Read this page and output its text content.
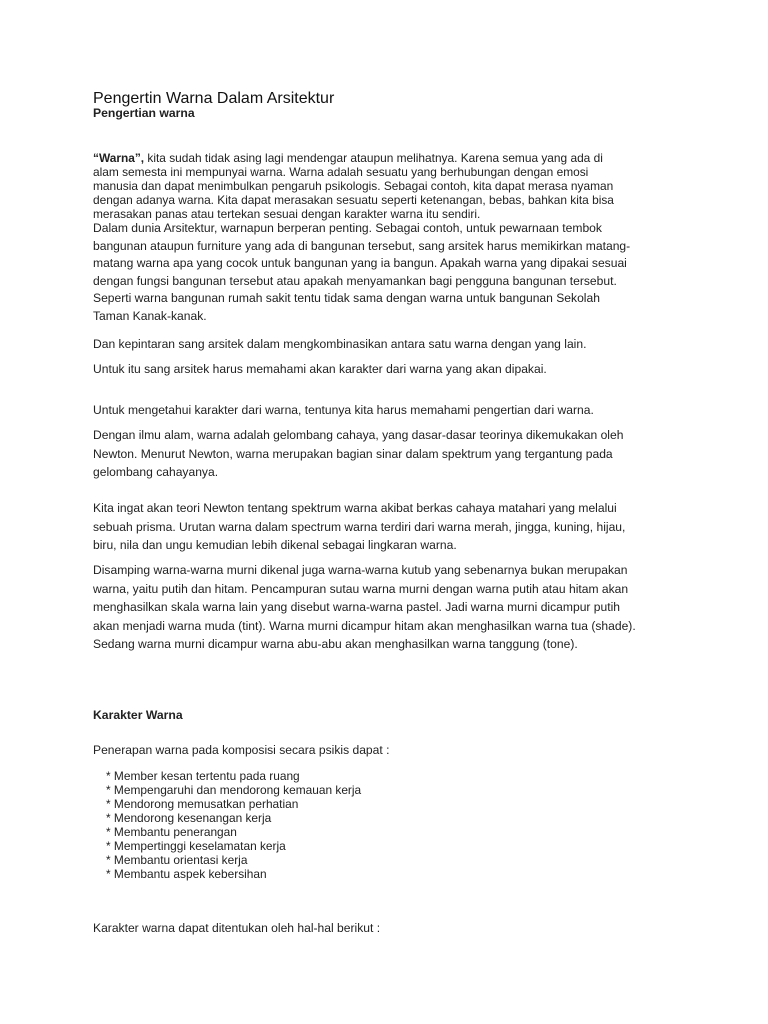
Pengertin Warna Dalam Arsitektur
Pengertian warna

“Warna”, kita sudah tidak asing lagi mendengar ataupun melihatnya. Karena semua yang ada di
alam semesta ini mempunyai warna. Warna adalah sesuatu yang berhubungan dengan emosi
manusia dan dapat menimbulkan pengaruh psikologis. Sebagai contoh, kita dapat merasa nyaman
dengan adanya warna. Kita dapat merasakan sesuatu seperti ketenangan, bebas, bahkan kita bisa
merasakan panas atau tertekan sesuai dengan karakter warna itu sendiri.

Dalam dunia Arsitektur, warnapun berperan penting. Sebagai contoh, untuk pewarnaan tembok
bangunan ataupun furniture yang ada di bangunan tersebut, sang arsitek harus memikirkan matang-
matang warna apa yang cocok untuk bangunan yang ia bangun. Apakah warna yang dipakai sesuai
dengan fungsi bangunan tersebut atau apakah menyamankan bagi pengguna bangunan tersebut.
Seperti warna bangunan rumah sakit tentu tidak sama dengan warna untuk bangunan Sekolah
Taman Kanak-kanak.

Dan kepintaran sang arsitek dalam mengkombinasikan antara satu warna dengan yang lain.

Untuk itu sang arsitek harus memahami akan karakter dari warna yang akan dipakai.

Untuk mengetahui karakter dari warna, tentunya kita harus memahami pengertian dari warna.

Dengan ilmu alam, warna adalah gelombang cahaya, yang dasar-dasar teorinya dikemukakan oleh
Newton. Menurut Newton, warna merupakan bagian sinar dalam spektrum yang tergantung pada
gelombang cahayanya.

Kita ingat akan teori Newton tentang spektrum warna akibat berkas cahaya matahari yang melalui
sebuah prisma. Urutan warna dalam spectrum warna terdiri dari warna merah, jingga, kuning, hijau,
biru, nila dan ungu kemudian lebih dikenal sebagai lingkaran warna.

Disamping warna-warna murni dikenal juga warna-warna kutub yang sebenarnya bukan merupakan
warna, yaitu putih dan hitam. Pencampuran sutau warna murni dengan warna putih atau hitam akan
menghasilkan skala warna lain yang disebut warna-warna pastel. Jadi warna murni dicampur putih
akan menjadi warna muda (tint). Warna murni dicampur hitam akan menghasilkan warna tua (shade).
Sedang warna murni dicampur warna abu-abu akan menghasilkan warna tanggung (tone).

Karakter Warna

Penerapan warna pada komposisi secara psikis dapat :

* Member kesan tertentu pada ruang
* Mempengaruhi dan mendorong kemauan kerja
* Mendorong memusatkan perhatian
* Mendorong kesenangan kerja
* Membantu penerangan
* Mempertinggi keselamatan kerja
* Membantu orientasi kerja
* Membantu aspek kebersihan

Karakter warna dapat ditentukan oleh hal-hal berikut :
